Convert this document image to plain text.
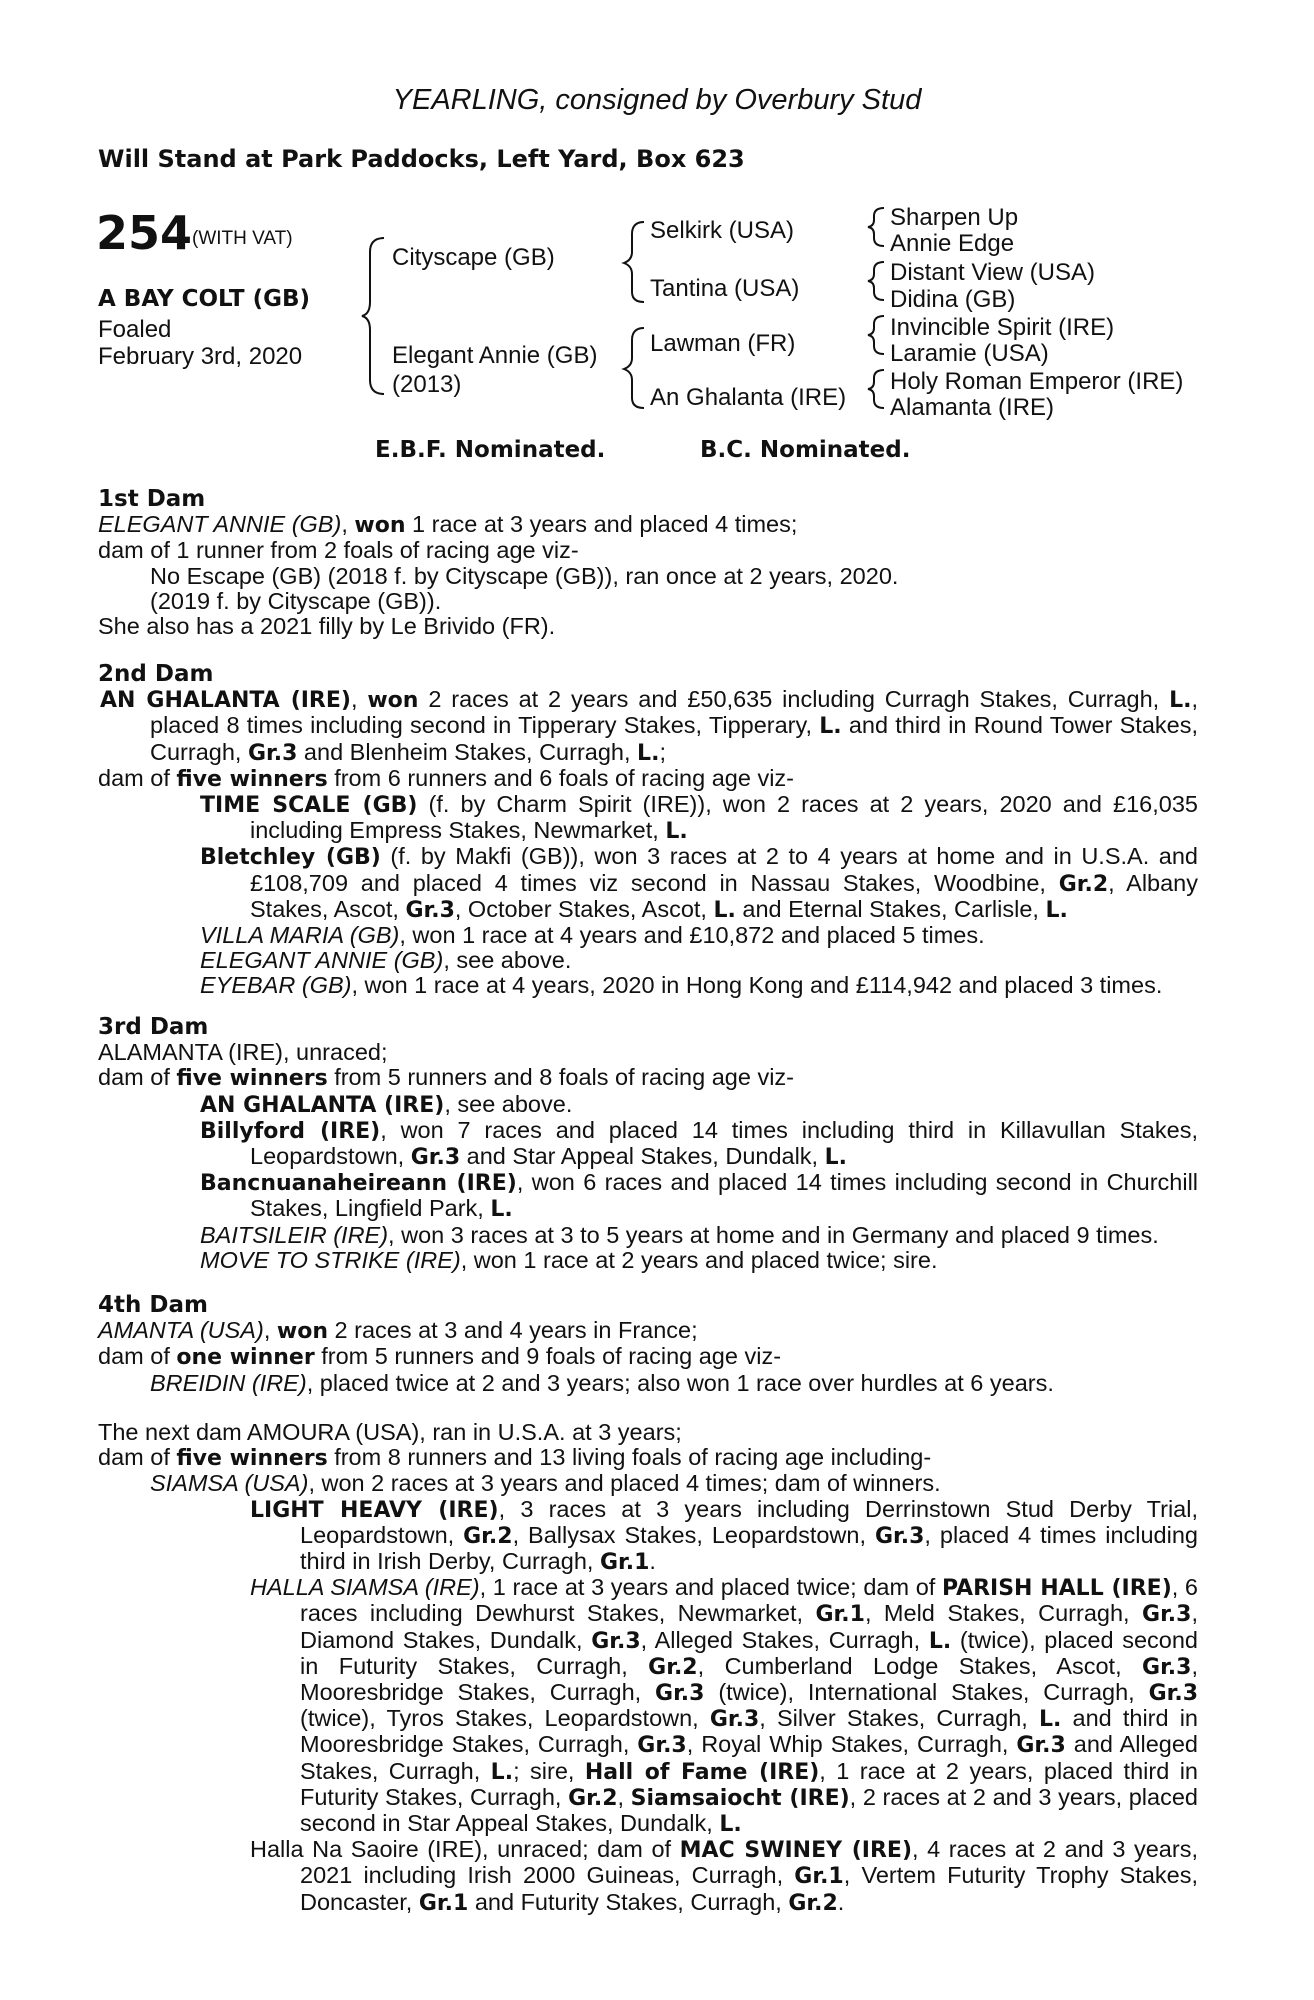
YEARLING, consigned by Overbury Stud
Will Stand at Park Paddocks, Left Yard, Box 623
254 (WITH VAT)
A BAY COLT (GB)
Foaled
February 3rd, 2020
Cityscape (GB)
Elegant Annie (GB)
(2013)
Selkirk (USA)
Tantina (USA)
Lawman (FR)
An Ghalanta (IRE)
Sharpen Up
Annie Edge
Distant View (USA)
Didina (GB)
Invincible Spirit (IRE)
Laramie (USA)
Holy Roman Emperor (IRE)
Alamanta (IRE)
E.B.F. Nominated.	B.C. Nominated.

1st Dam

ELEGANT ANNIE (GB), won 1 race at 3 years and placed 4 times;

dam of 1 runner from 2 foals of racing age viz-

No Escape (GB) (2018 f. by Cityscape (GB)), ran once at 2 years, 2020.

(2019 f. by Cityscape (GB)).

She also has a 2021 filly by Le Brivido (FR).

2nd Dam

AN GHALANTA (IRE), won 2 races at 2 years and £50,635 including Curragh Stakes, Curragh, L., placed 8 times including second in Tipperary Stakes, Tipperary, L. and third in Round Tower Stakes, Curragh, Gr.3 and Blenheim Stakes, Curragh, L.;

dam of five winners from 6 runners and 6 foals of racing age viz-

TIME SCALE (GB) (f. by Charm Spirit (IRE)), won 2 races at 2 years, 2020 and £16,035 including Empress Stakes, Newmarket, L.

Bletchley (GB) (f. by Makfi (GB)), won 3 races at 2 to 4 years at home and in U.S.A. and £108,709 and placed 4 times viz second in Nassau Stakes, Woodbine, Gr.2, Albany Stakes, Ascot, Gr.3, October Stakes, Ascot, L. and Eternal Stakes, Carlisle, L.

VILLA MARIA (GB), won 1 race at 4 years and £10,872 and placed 5 times.

ELEGANT ANNIE (GB), see above.

EYEBAR (GB), won 1 race at 4 years, 2020 in Hong Kong and £114,942 and placed 3 times.

3rd Dam

ALAMANTA (IRE), unraced;

dam of five winners from 5 runners and 8 foals of racing age viz-

AN GHALANTA (IRE), see above.

Billyford (IRE), won 7 races and placed 14 times including third in Killavullan Stakes, Leopardstown, Gr.3 and Star Appeal Stakes, Dundalk, L.

Bancnuanaheireann (IRE), won 6 races and placed 14 times including second in Churchill Stakes, Lingfield Park, L.

BAITSILEIR (IRE), won 3 races at 3 to 5 years at home and in Germany and placed 9 times.

MOVE TO STRIKE (IRE), won 1 race at 2 years and placed twice; sire.

4th Dam

AMANTA (USA), won 2 races at 3 and 4 years in France;

dam of one winner from 5 runners and 9 foals of racing age viz-

BREIDIN (IRE), placed twice at 2 and 3 years; also won 1 race over hurdles at 6 years.

The next dam AMOURA (USA), ran in U.S.A. at 3 years;

dam of five winners from 8 runners and 13 living foals of racing age including-

SIAMSA (USA), won 2 races at 3 years and placed 4 times; dam of winners.

LIGHT HEAVY (IRE), 3 races at 3 years including Derrinstown Stud Derby Trial, Leopardstown, Gr.2, Ballysax Stakes, Leopardstown, Gr.3, placed 4 times including third in Irish Derby, Curragh, Gr.1.

HALLA SIAMSA (IRE), 1 race at 3 years and placed twice; dam of PARISH HALL (IRE), 6 races including Dewhurst Stakes, Newmarket, Gr.1, Meld Stakes, Curragh, Gr.3, Diamond Stakes, Dundalk, Gr.3, Alleged Stakes, Curragh, L. (twice), placed second in Futurity Stakes, Curragh, Gr.2, Cumberland Lodge Stakes, Ascot, Gr.3, Mooresbridge Stakes, Curragh, Gr.3 (twice), International Stakes, Curragh, Gr.3 (twice), Tyros Stakes, Leopardstown, Gr.3, Silver Stakes, Curragh, L. and third in Mooresbridge Stakes, Curragh, Gr.3, Royal Whip Stakes, Curragh, Gr.3 and Alleged Stakes, Curragh, L.; sire, Hall of Fame (IRE), 1 race at 2 years, placed third in Futurity Stakes, Curragh, Gr.2, Siamsaiocht (IRE), 2 races at 2 and 3 years, placed second in Star Appeal Stakes, Dundalk, L.

Halla Na Saoire (IRE), unraced; dam of MAC SWINEY (IRE), 4 races at 2 and 3 years, 2021 including Irish 2000 Guineas, Curragh, Gr.1, Vertem Futurity Trophy Stakes, Doncaster, Gr.1 and Futurity Stakes, Curragh, Gr.2.
